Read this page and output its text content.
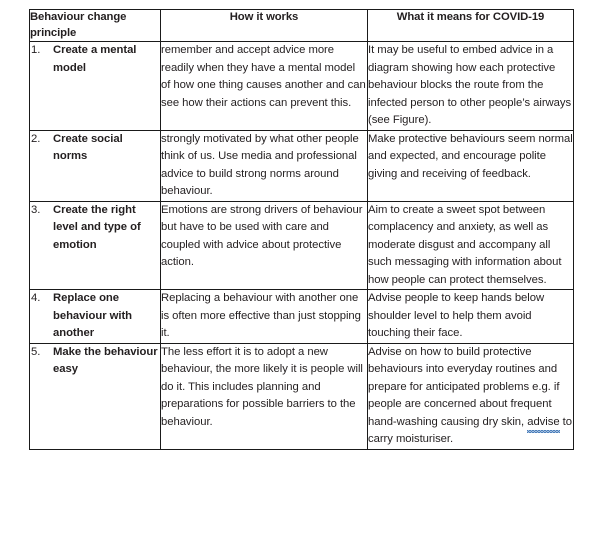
Behaviour change principle	How it works	What it means for COVID-19

1. Create a mental model	remember and accept advice more readily when they have a mental model of how one thing causes another and can see how their actions can prevent this.	It may be useful to embed advice in a diagram showing how each protective behaviour blocks the route from the infected person to other people’s airways (see Figure).

2. Create social norms	strongly motivated by what other people think of us. Use media and professional advice to build strong norms around behaviour.	Make protective behaviours seem normal and expected, and encourage polite giving and receiving of feedback.

3. Create the right level and type of emotion	Emotions are strong drivers of behaviour but have to be used with care and coupled with advice about protective action.	Aim to create a sweet spot between complacency and anxiety, as well as moderate disgust and accompany all such messaging with information about how people can protect themselves.

4. Replace one behaviour with another	Replacing a behaviour with another one is often more effective than just stopping it.	Advise people to keep hands below shoulder level to help them avoid touching their face.

5. Make the behaviour easy	The less effort it is to adopt a new behaviour, the more likely it is people will do it. This includes planning and preparations for possible barriers to the behaviour.	Advise on how to build protective behaviours into everyday routines and prepare for anticipated problems e.g. if people are concerned about frequent hand-washing causing dry skin, advise to carry moisturiser.
